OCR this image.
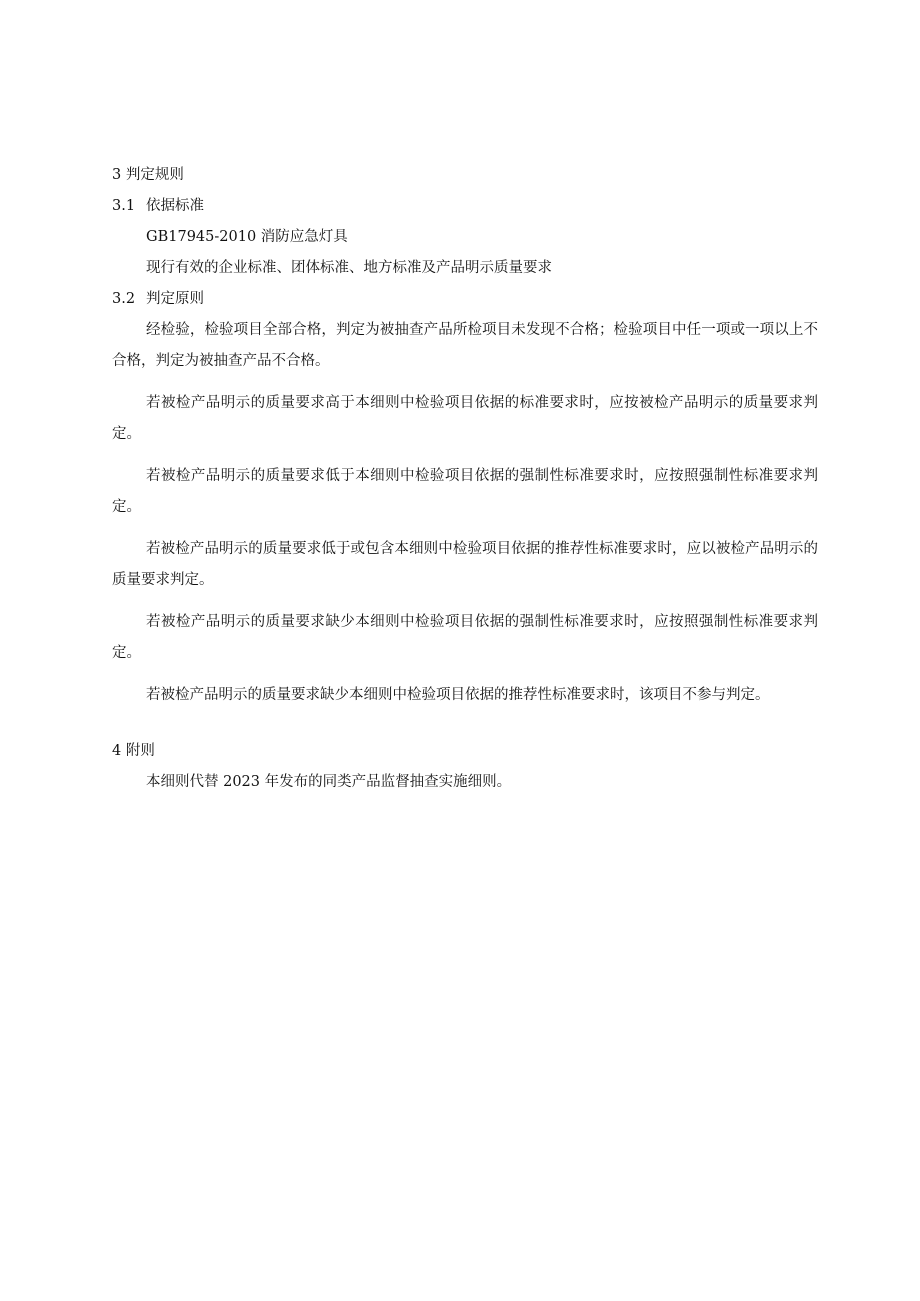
3 判定规则
3.1 依据标准
GB17945-2010 消防应急灯具
现行有效的企业标准、团体标准、地方标准及产品明示质量要求
3.2 判定原则
经检验，检验项目全部合格，判定为被抽查产品所检项目未发现不合格；检验项目中任一项或一项以上不合格，判定为被抽查产品不合格。
若被检产品明示的质量要求高于本细则中检验项目依据的标准要求时，应按被检产品明示的质量要求判定。
若被检产品明示的质量要求低于本细则中检验项目依据的强制性标准要求时，应按照强制性标准要求判定。
若被检产品明示的质量要求低于或包含本细则中检验项目依据的推荐性标准要求时，应以被检产品明示的质量要求判定。
若被检产品明示的质量要求缺少本细则中检验项目依据的强制性标准要求时，应按照强制性标准要求判定。
若被检产品明示的质量要求缺少本细则中检验项目依据的推荐性标准要求时，该项目不参与判定。
4 附则
本细则代替 2023 年发布的同类产品监督抽查实施细则。
